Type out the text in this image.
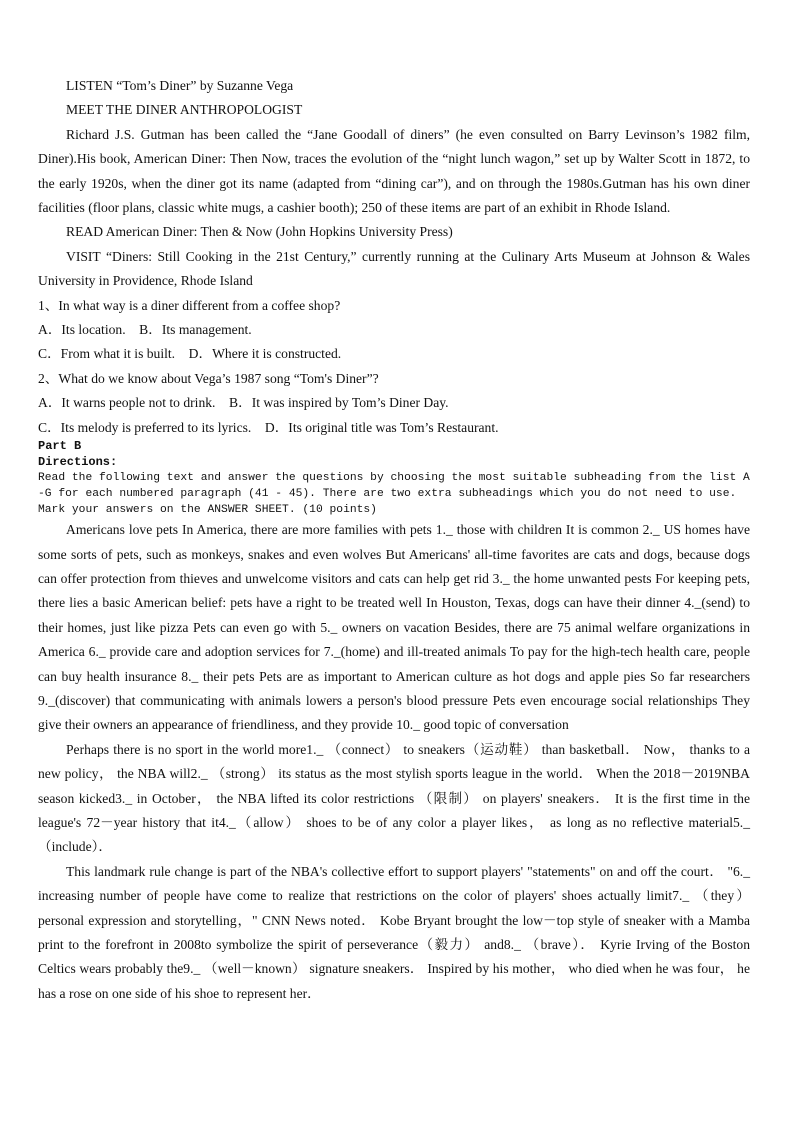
LISTEN “Tom’s Diner” by Suzanne Vega

MEET THE DINER ANTHROPOLOGIST

Richard J.S. Gutman has been called the “Jane Goodall of diners” (he even consulted on Barry Levinson’s 1982 film, Diner).His book, American Diner: Then Now, traces the evolution of the “night lunch wagon,” set up by Walter Scott in 1872, to the early 1920s, when the diner got its name (adapted from “dining car”), and on through the 1980s.Gutman has his own diner facilities (floor plans, classic white mugs, a cashier booth); 250 of these items are part of an exhibit in Rhode Island.

READ American Diner: Then & Now (John Hopkins University Press)

VISIT “Diners: Still Cooking in the 21st Century,” currently running at the Culinary Arts Museum at Johnson & Wales University in Providence, Rhode Island

1、In what way is a diner different from a coffee shop?

A．Its location.　B．Its management.

C．From what it is built.　D．Where it is constructed.

2、What do we know about Vega’s 1987 song “Tom's Diner”?

A．It warns people not to drink.　B．It was inspired by Tom’s Diner Day.

C．Its melody is preferred to its lyrics.　D．Its original title was Tom’s Restaurant.

Part B

Directions:

Read the following text and answer the questions by choosing the most suitable subheading from the list A -G for each numbered paragraph (41 - 45). There are two extra subheadings which you do not need to use. Mark your answers on the ANSWER SHEET. (10 points)

Americans love pets In America, there are more families with pets 1._ those with children It is common 2._ US homes have some sorts of pets, such as monkeys, snakes and even wolves But Americans' all-time favorites are cats and dogs, because dogs can offer protection from thieves and unwelcome visitors and cats can help get rid 3._ the home unwanted pests For keeping pets, there lies a basic American belief: pets have a right to be treated well In Houston, Texas, dogs can have their dinner 4._(send) to their homes, just like pizza Pets can even go with 5._ owners on vacation Besides, there are 75 animal welfare organizations in America 6._ provide care and adoption services for 7._(home) and ill-treated animals To pay for the high-tech health care, people can buy health insurance 8._ their pets Pets are as important to American culture as hot dogs and apple pies So far researchers 9._(discover) that communicating with animals lowers a person's blood pressure Pets even encourage social relationships They give their owners an appearance of friendliness, and they provide 10._ good topic of conversation

Perhaps there is no sport in the world more1._ （connect） to sneakers（运动鞋） than basketball． Now， thanks to a new policy， the NBA will2._ （strong） its status as the most stylish sports league in the world． When the 2018－2019NBA season kicked3._ in October， the NBA lifted its color restrictions （限制） on players' sneakers． It is the first time in the league's 72－year history that it4._（allow） shoes to be of any color a player likes， as long as no reflective material5._（include）．

This landmark rule change is part of the NBA's collective effort to support players' "statements" on and off the court． "6._ increasing number of people have come to realize that restrictions on the color of players' shoes actually limit7._ （they） personal expression and storytelling，" CNN News noted． Kobe Bryant brought the low－top style of sneaker with a Mamba print to the forefront in 2008to symbolize the spirit of perseverance（毅力） and8._ （brave）． Kyrie Irving of the Boston Celtics wears probably the9._ （well－known） signature sneakers． Inspired by his mother， who died when he was four， he has a rose on one side of his shoe to represent her．
